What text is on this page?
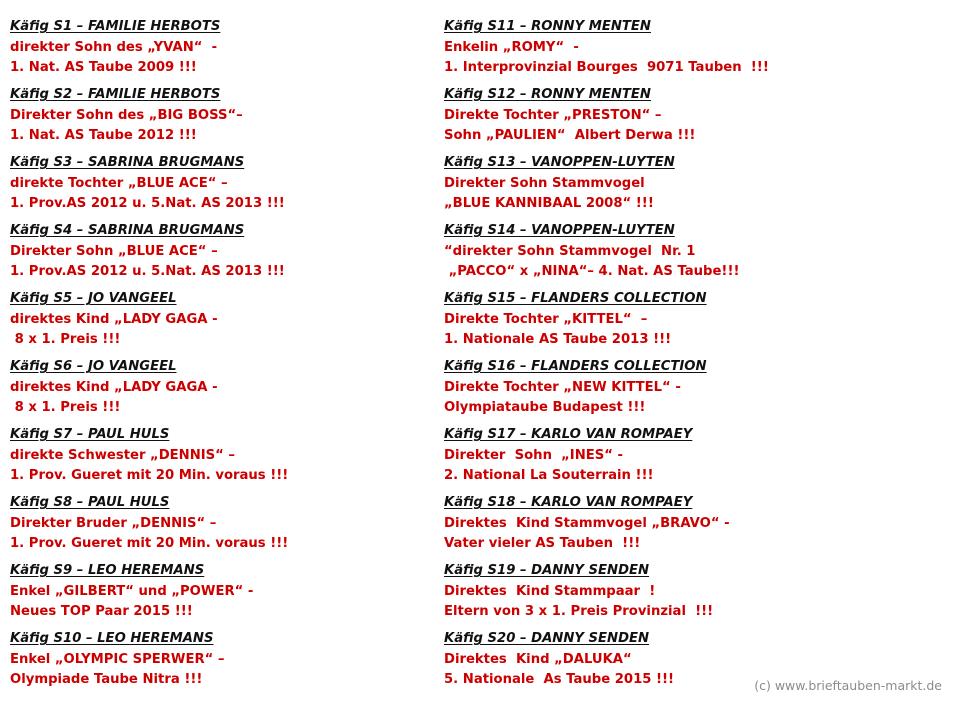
Käfig S1 – FAMILIE HERBOTS
direkter Sohn des „YVAN“  -
1. Nat. AS Taube 2009 !!!
Käfig S2 – FAMILIE HERBOTS
Direkter Sohn des „BIG BOSS“–
1. Nat. AS Taube 2012 !!!
Käfig S3 – SABRINA BRUGMANS
direkte Tochter „BLUE ACE“ –
1. Prov.AS 2012 u. 5.Nat. AS 2013 !!!
Käfig S4 – SABRINA BRUGMANS
Direkter Sohn „BLUE ACE“ –
1. Prov.AS 2012 u. 5.Nat. AS 2013 !!!
Käfig S5 – JO VANGEEL
direktes Kind „LADY GAGA -
8 x 1. Preis !!!
Käfig S6 – JO VANGEEL
direktes Kind „LADY GAGA -
8 x 1. Preis !!!
Käfig S7 – PAUL HULS
direkte Schwester „DENNIS“ –
1. Prov. Gueret mit 20 Min. voraus !!!
Käfig S8 – PAUL HULS
Direkter Bruder „DENNIS“ –
1. Prov. Gueret mit 20 Min. voraus !!!
Käfig S9 – LEO HEREMANS
Enkel „GILBERT“ und „POWER“ -
Neues TOP Paar 2015 !!!
Käfig S10 – LEO HEREMANS
Enkel „OLYMPIC SPERWER“ –
Olympiade Taube Nitra !!!
Käfig S11 – RONNY MENTEN
Enkelin „ROMY“  -
1. Interprovinzial Bourges  9071 Tauben  !!!
Käfig S12 – RONNY MENTEN
Direkte Tochter „PRESTON“ –
Sohn „PAULIEN“  Albert Derwa !!!
Käfig S13 – VANOPPEN-LUYTEN
Direkter Sohn Stammvogel
„BLUE KANNIBAAL 2008“ !!!
Käfig S14 – VANOPPEN-LUYTEN
“direkter Sohn Stammvogel  Nr. 1
„PACCO“ x „NINA“– 4. Nat. AS Taube!!!
Käfig S15 – FLANDERS COLLECTION
Direkte Tochter „KITTEL“  –
1. Nationale AS Taube 2013 !!!
Käfig S16 – FLANDERS COLLECTION
Direkte Tochter „NEW KITTEL“ -
Olympiataube Budapest !!!
Käfig S17 – KARLO VAN ROMPAEY
Direkter  Sohn  „INES“ -
2. National La Souterrain !!!
Käfig S18 – KARLO VAN ROMPAEY
Direktes  Kind Stammvogel „BRAVO“ -
Vater vieler AS Tauben  !!!
Käfig S19 – DANNY SENDEN
Direktes  Kind Stammpaar  !
Eltern von 3 x 1. Preis Provinzial  !!!
Käfig S20 – DANNY SENDEN
Direktes  Kind „DALUKA“
5. Nationale  As Taube 2015 !!!	(c) www.brieftauben-markt.de
